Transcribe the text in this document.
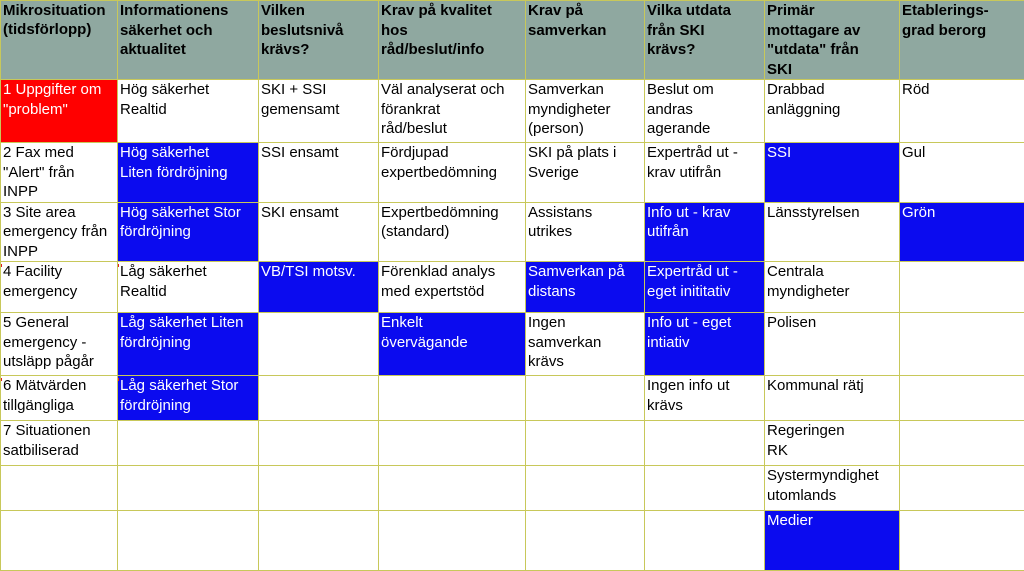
Mikrosituation
(tidsförlopp)	Informationens
säkerhet och
aktualitet	Vilken
beslutsnivå
krävs?	Krav på kvalitet
hos
råd/beslut/info	Krav på
samverkan	Vilka utdata
från SKI
krävs?	Primär
mottagare av
"utdata" från
SKI	Etablerings-
grad berorg
1 Uppgifter om
"problem"	Hög säkerhet
Realtid	SKI + SSI
gemensamt	Väl analyserat och
förankrat
råd/beslut	Samverkan
myndigheter
(person)	Beslut om
andras
agerande	Drabbad
anläggning	Röd
2 Fax med
"Alert" från
INPP	Hög säkerhet
Liten fördröjning	SSI ensamt	Fördjupad
expertbedömning	SKI på plats i
Sverige	Expertråd ut -
krav utifrån	SSI	Gul
3 Site area
emergency från
INPP	Hög säkerhet Stor
fördröjning	SKI ensamt	Expertbedömning
(standard)	Assistans
utrikes	Info ut - krav
utifrån	Länsstyrelsen	Grön
4 Facility
emergency	Låg säkerhet
Realtid	VB/TSI motsv.	Förenklad analys
med expertstöd	Samverkan på
distans	Expertråd ut -
eget inititativ	Centrala
myndigheter	
5 General
emergency -
utsläpp pågår	Låg säkerhet Liten
fördröjning		Enkelt
övervägande	Ingen
samverkan
krävs	Info ut - eget
intiativ	Polisen	
6 Mätvärden
tillgängliga	Låg säkerhet Stor
fördröjning				Ingen info ut
krävs	Kommunal rätj	
7 Situationen
satbiliserad						Regeringen
RK	
						Systermyndighet
utomlands	
						Medier	
